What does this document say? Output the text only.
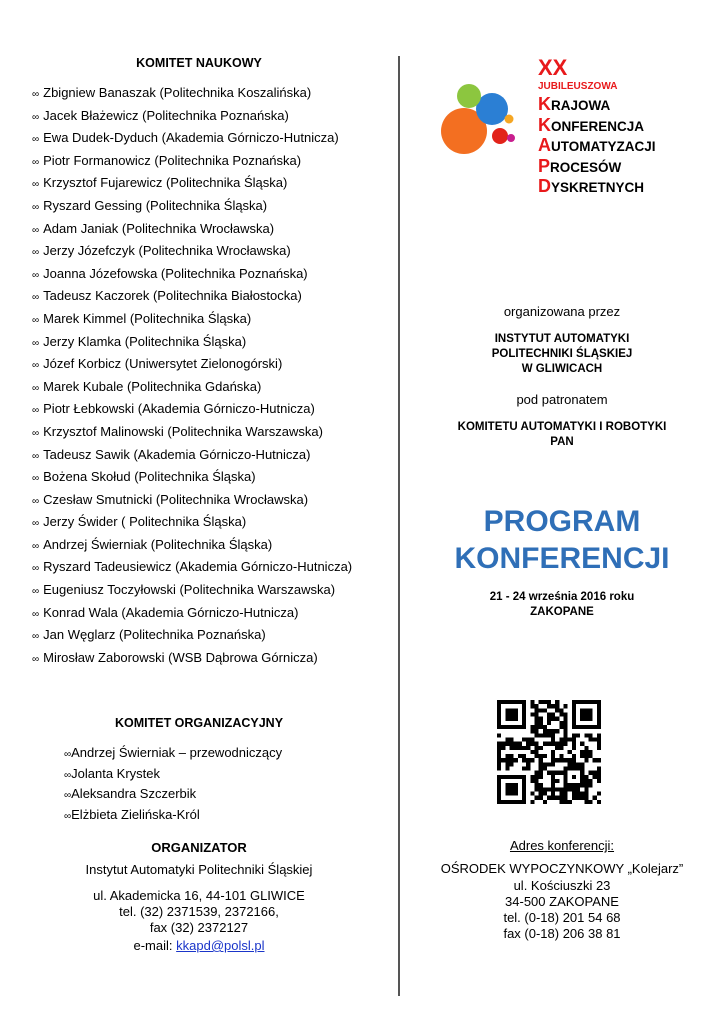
KOMITET NAUKOWY
∞ Zbigniew Banaszak (Politechnika Koszalińska)
∞ Jacek Błażewicz (Politechnika Poznańska)
∞ Ewa Dudek-Dyduch (Akademia Górniczo-Hutnicza)
∞ Piotr Formanowicz (Politechnika Poznańska)
∞ Krzysztof Fujarewicz (Politechnika Śląska)
∞ Ryszard Gessing (Politechnika Śląska)
∞ Adam Janiak (Politechnika Wrocławska)
∞ Jerzy Józefczyk (Politechnika Wrocławska)
∞ Joanna Józefowska (Politechnika Poznańska)
∞ Tadeusz Kaczorek (Politechnika Białostocka)
∞ Marek Kimmel (Politechnika Śląska)
∞ Jerzy Klamka (Politechnika Śląska)
∞ Józef Korbicz (Uniwersytet Zielonogórski)
∞ Marek Kubale (Politechnika Gdańska)
∞ Piotr Łebkowski (Akademia Górniczo-Hutnicza)
∞ Krzysztof Malinowski (Politechnika Warszawska)
∞ Tadeusz Sawik (Akademia Górniczo-Hutnicza)
∞ Bożena Skołud (Politechnika Śląska)
∞ Czesław Smutnicki (Politechnika Wrocławska)
∞ Jerzy Świder ( Politechnika Śląska)
∞ Andrzej Świerniak (Politechnika Śląska)
∞ Ryszard Tadeusiewicz (Akademia Górniczo-Hutnicza)
∞ Eugeniusz Toczyłowski (Politechnika Warszawska)
∞ Konrad Wala (Akademia Górniczo-Hutnicza)
∞ Jan Węglarz (Politechnika Poznańska)
∞ Mirosław Zaborowski (WSB Dąbrowa Górnicza)
KOMITET ORGANIZACYJNY
∞Andrzej Świerniak – przewodniczący
∞Jolanta Krystek
∞Aleksandra Szczerbik
∞Elżbieta Zielińska-Król
ORGANIZATOR
Instytut Automatyki Politechniki Śląskiej
ul. Akademicka 16, 44-101 GLIWICE
tel. (32) 2371539, 2372166,
fax (32) 2372127
e-mail: kkapd@polsl.pl
XX
JUBILEUSZOWA
KRAJOWA
KONFERENCJA
AUTOMATYZACJI
PROCESÓW
DYSKRETNYCH
organizowana przez
INSTYTUT AUTOMATYKI
POLITECHNIKI ŚLĄSKIEJ
W GLIWICACH
pod patronatem
KOMITETU AUTOMATYKI I ROBOTYKI
PAN
PROGRAM
KONFERENCJI
21 - 24 września 2016 roku
ZAKOPANE
Adres konferencji:
OŚRODEK WYPOCZYNKOWY „Kolejarz”
ul. Kościuszki 23
34-500 ZAKOPANE
tel. (0-18) 201 54 68
fax (0-18) 206 38 81
